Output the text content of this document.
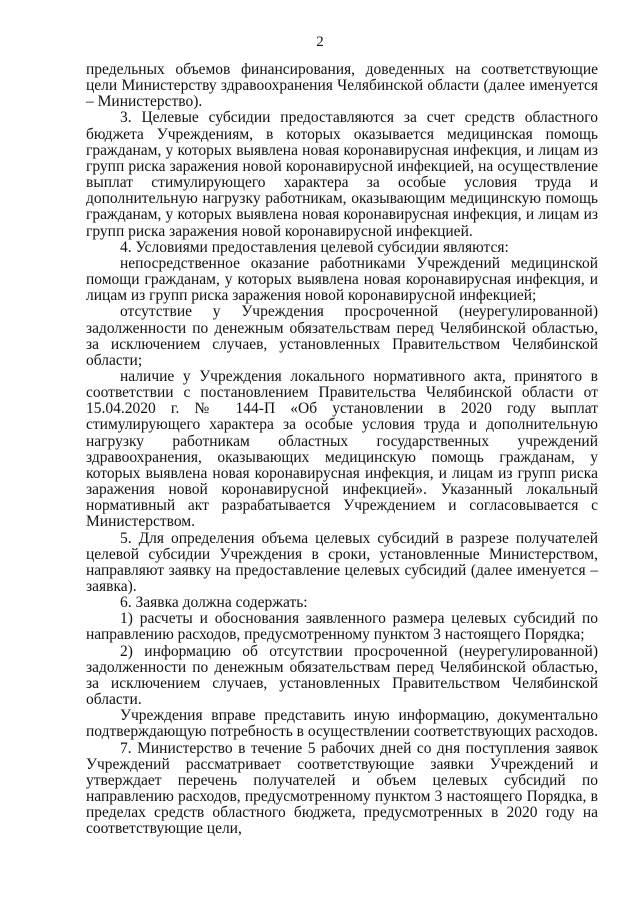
2

предельных объемов финансирования, доведенных на соответствующие цели Министерству здравоохранения Челябинской области (далее именуется – Министерство).

3. Целевые субсидии предоставляются за счет средств областного бюджета Учреждениям, в которых оказывается медицинская помощь гражданам, у которых выявлена новая коронавирусная инфекция, и лицам из групп риска заражения новой коронавирусной инфекцией, на осуществление выплат стимулирующего характера за особые условия труда и дополнительную нагрузку работникам, оказывающим медицинскую помощь гражданам, у которых выявлена новая коронавирусная инфекция, и лицам из групп риска заражения новой коронавирусной инфекцией.

4. Условиями предоставления целевой субсидии являются:

непосредственное оказание работниками Учреждений медицинской помощи гражданам, у которых выявлена новая коронавирусная инфекция, и лицам из групп риска заражения новой коронавирусной инфекцией;

отсутствие у Учреждения просроченной (неурегулированной) задолженности по денежным обязательствам перед Челябинской областью, за исключением случаев, установленных Правительством Челябинской области;

наличие у Учреждения локального нормативного акта, принятого в соответствии с постановлением Правительства Челябинской области от 15.04.2020 г. № 144-П «Об установлении в 2020 году выплат стимулирующего характера за особые условия труда и дополнительную нагрузку работникам областных государственных учреждений здравоохранения, оказывающих медицинскую помощь гражданам, у которых выявлена новая коронавирусная инфекция, и лицам из групп риска заражения новой коронавирусной инфекцией». Указанный локальный нормативный акт разрабатывается Учреждением и согласовывается с Министерством.

5. Для определения объема целевых субсидий в разрезе получателей целевой субсидии Учреждения в сроки, установленные Министерством, направляют заявку на предоставление целевых субсидий (далее именуется – заявка).

6. Заявка должна содержать:

1) расчеты и обоснования заявленного размера целевых субсидий по направлению расходов, предусмотренному пунктом 3 настоящего Порядка;

2) информацию об отсутствии просроченной (неурегулированной) задолженности по денежным обязательствам перед Челябинской областью, за исключением случаев, установленных Правительством Челябинской области.

Учреждения вправе представить иную информацию, документально подтверждающую потребность в осуществлении соответствующих расходов.

7. Министерство в течение 5 рабочих дней со дня поступления заявок Учреждений рассматривает соответствующие заявки Учреждений и утверждает перечень получателей и объем целевых субсидий по направлению расходов, предусмотренному пунктом 3 настоящего Порядка, в пределах средств областного бюджета, предусмотренных в 2020 году на соответствующие цели,
